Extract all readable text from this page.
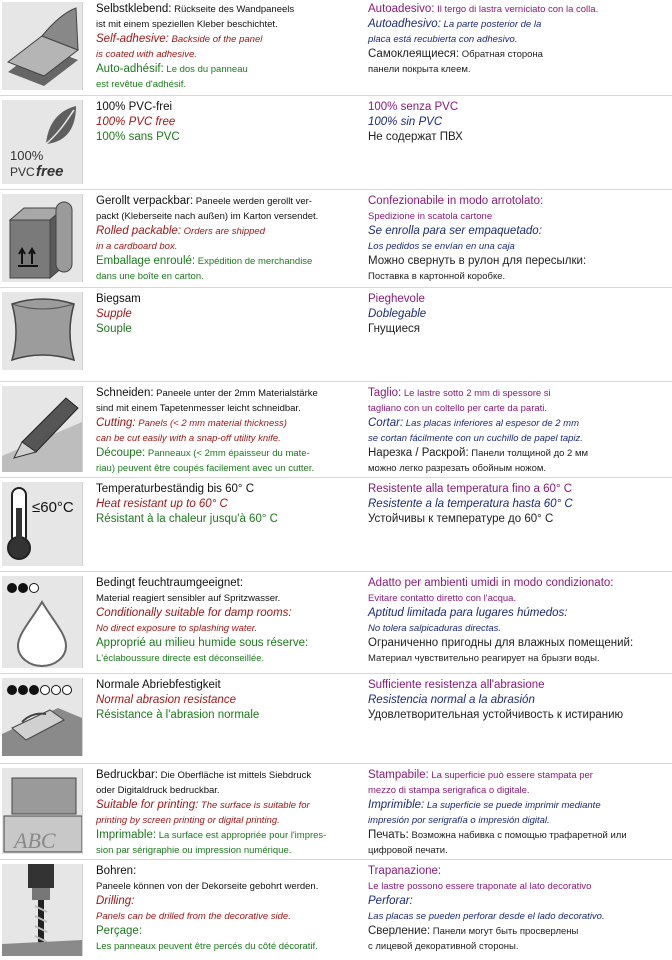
Selbstklebend: Rückseite des Wandpaneels
ist mit einem speziellen Kleber beschichtet.
Self-adhesive: Backside of the panel
is coated with adhesive.
Auto-adhésif: Le dos du panneau
est revêtue d'adhésif.
Autoadesivo: Il tergo di lastra verniciato con la colla.
Autoadhesivo: La parte posterior de la
placa está recubierta con adhesivo.
Самоклеящиеся: Обратная сторона
панели покрыта клеем.
100%
PVC free
100% PVC-frei
100% PVC free
100% sans PVC
100% senza PVC
100% sin PVC
Не содержат ПВХ
Gerollt verpackbar: Paneele werden gerollt ver-
packt (Kleberseite nach außen) im Karton versendet.
Rolled packable: Orders are shipped
in a cardboard box.
Emballage enroulé: Expédition de merchandise
dans une boîte en carton.
Confezionabile in modo arrotolato:
Spedizione in scatola cartone
Se enrolla para ser empaquetado:
Los pedidos se envían en una caja
Можно свернуть в рулон для пересылки:
Поставка в картонной коробке.
Biegsam
Supple
Souple
Pieghevole
Doblegable
Гнущиеся
Schneiden: Paneele unter der 2mm Materialstärke
sind mit einem Tapetenmesser leicht schneidbar.
Cutting: Panels (< 2 mm material thickness)
can be cut easily with a snap-off utility knife.
Découpe: Panneaux (< 2mm épaisseur du mate-
riau) peuvent être coupés facilement avec un cutter.
Taglio: Le lastre sotto 2 mm di spessore si
tagliano con un coltello per carte da parati.
Cortar: Las placas inferiores al espesor de 2 mm
se cortan fácilmente con un cuchillo de papel tapiz.
Нарезка / Раскрой: Панели толщиной до 2 мм
можно легко разрезать обойным ножом.
≤60°C
Temperaturbeständig bis 60° C
Heat resistant up to 60° C
Résistant à la chaleur jusqu'à 60° C
Resistente alla temperatura fino a 60° C
Resistente a la temperatura hasta 60° C
Устойчивы к температуре до 60° C
Bedingt feuchtraumgeeignet:
Material reagiert sensibler auf Spritzwasser.
Conditionally suitable for damp rooms:
No direct exposure to splashing water.
Approprié au milieu humide sous réserve:
L'éclaboussure directe est déconseillée.
Adatto per ambienti umidi in modo condizionato:
Evitare contatto diretto con l'acqua.
Aptitud limitada para lugares húmedos:
No tolera salpicaduras directas.
Ограниченно пригодны для влажных помещений:
Материал чувствительно реагирует на брызги воды.
Normale Abriebfestigkeit
Normal abrasion resistance
Résistance à l'abrasion normale
Sufficiente resistenza all'abrasione
Resistencia normal a la abrasión
Удовлетворительная устойчивость к истиранию
ABC
Bedruckbar: Die Oberfläche ist mittels Siebdruck
oder Digitaldruck bedruckbar.
Suitable for printing: The surface is suitable for
printing by screen printing or digital printing.
Imprimable: La surface est appropriée pour l'impres-
sion par sérigraphie ou impression numérique.
Stampabile: La superficie può essere stampata per
mezzo di stampa serigrafica o digitale.
Imprimible: La superficie se puede imprimir mediante
impresión por serigrafía o impresión digital.
Печать: Возможна набивка с помощью трафаретной или
цифровой печати.
Bohren:
Paneele können von der Dekorseite gebohrt werden.
Drilling:
Panels can be drilled from the decorative side.
Perçage:
Les panneaux peuvent être percés du côté décoratif.
Trapanazione:
Le lastre possono essere traponate al lato decorativo
Perforar:
Las placas se pueden perforar desde el lado decorativo.
Сверление: Панели могут быть просверлены
с лицевой декоративной стороны.
